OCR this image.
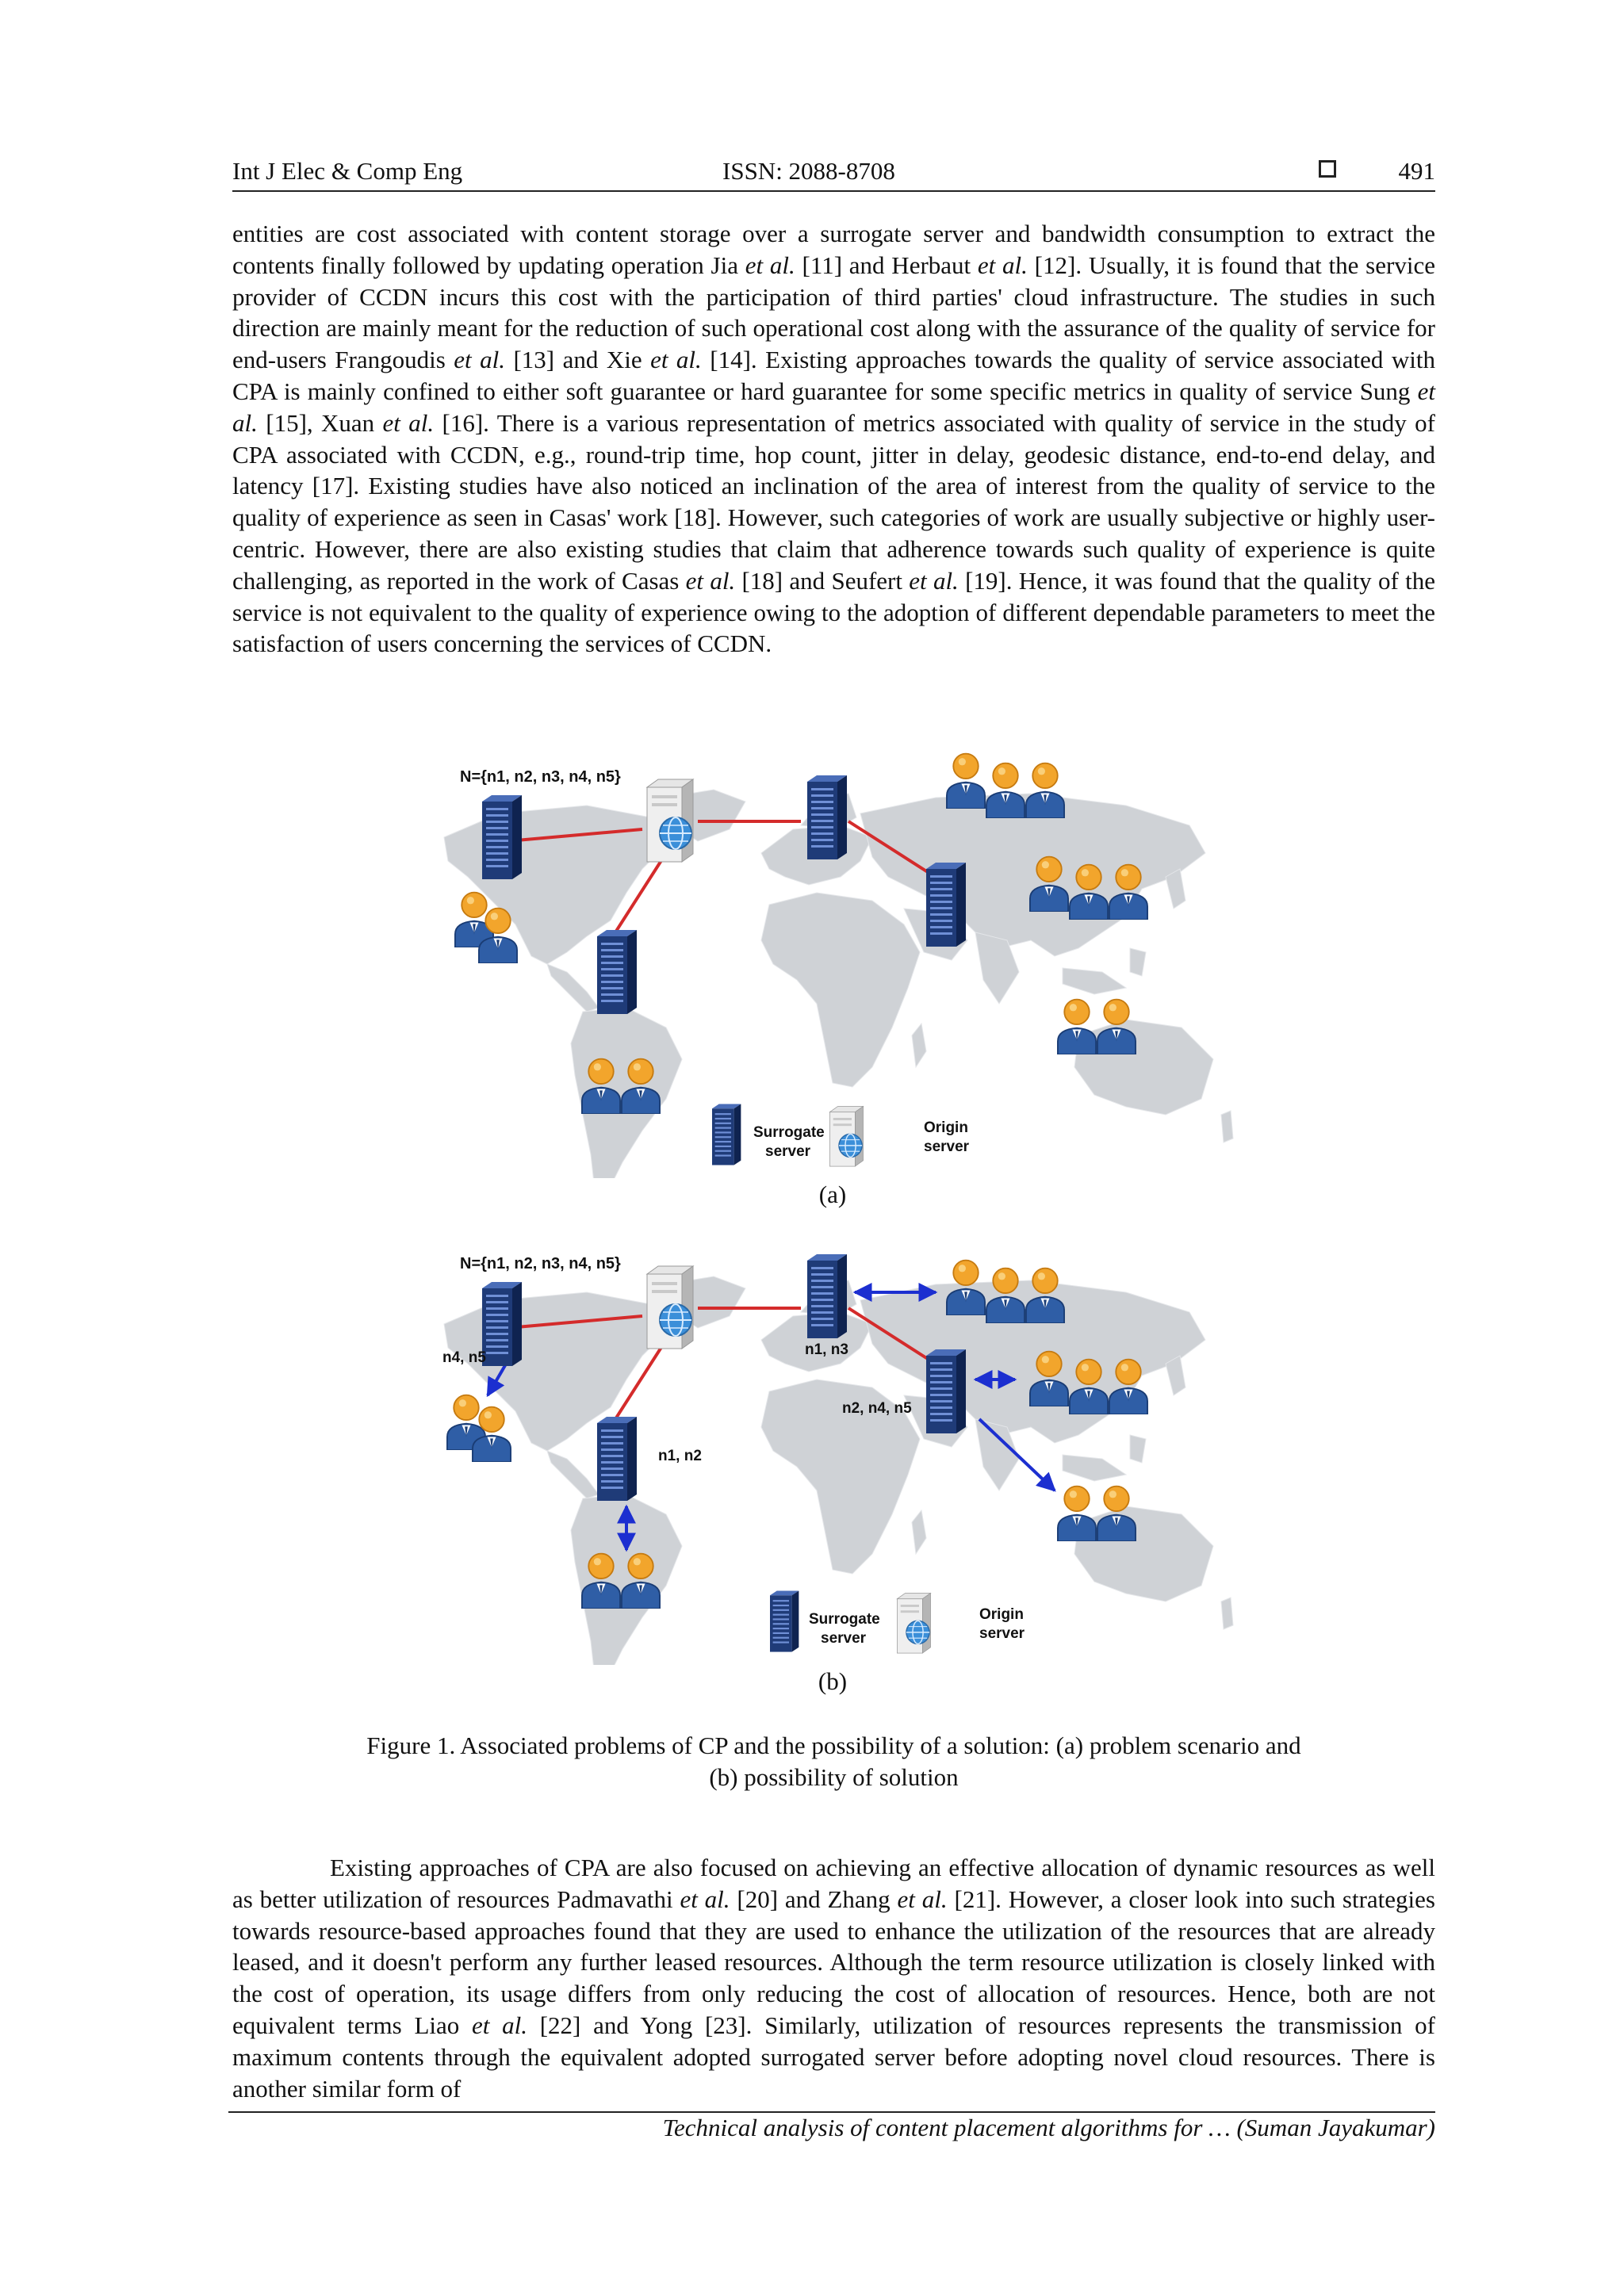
Int J Elec & Comp Eng	ISSN: 2088-8708	491

entities are cost associated with content storage over a surrogate server and bandwidth consumption to extract the contents finally followed by updating operation Jia et al. [11] and Herbaut et al. [12]. Usually, it is found that the service provider of CCDN incurs this cost with the participation of third parties' cloud infrastructure. The studies in such direction are mainly meant for the reduction of such operational cost along with the assurance of the quality of service for end-users Frangoudis et al. [13] and Xie et al. [14]. Existing approaches towards the quality of service associated with CPA is mainly confined to either soft guarantee or hard guarantee for some specific metrics in quality of service Sung et al. [15], Xuan et al. [16]. There is a various representation of metrics associated with quality of service in the study of CPA associated with CCDN, e.g., round-trip time, hop count, jitter in delay, geodesic distance, end-to-end delay, and latency [17]. Existing studies have also noticed an inclination of the area of interest from the quality of service to the quality of experience as seen in Casas' work [18]. However, such categories of work are usually subjective or highly user-centric. However, there are also existing studies that claim that adherence towards such quality of experience is quite challenging, as reported in the work of Casas et al. [18] and Seufert et al. [19]. Hence, it was found that the quality of the service is not equivalent to the quality of experience owing to the adoption of different dependable parameters to meet the satisfaction of users concerning the services of CCDN.

N={n1, n2, n3, n4, n5}
Surrogate
server
Origin
server
(a)
N={n1, n2, n3, n4, n5}
n4, n5
n1, n2
n1, n3
n2, n4, n5
Surrogate
server
Origin
server
(b)
Figure 1. Associated problems of CP and the possibility of a solution: (a) problem scenario and
(b) possibility of solution

Existing approaches of CPA are also focused on achieving an effective allocation of dynamic resources as well as better utilization of resources Padmavathi et al. [20] and Zhang et al. [21]. However, a closer look into such strategies towards resource-based approaches found that they are used to enhance the utilization of the resources that are already leased, and it doesn't perform any further leased resources. Although the term resource utilization is closely linked with the cost of operation, its usage differs from only reducing the cost of allocation of resources. Hence, both are not equivalent terms Liao et al. [22] and Yong [23]. Similarly, utilization of resources represents the transmission of maximum contents through the equivalent adopted surrogated server before adopting novel cloud resources. There is another similar form of

Technical analysis of content placement algorithms for … (Suman Jayakumar)
